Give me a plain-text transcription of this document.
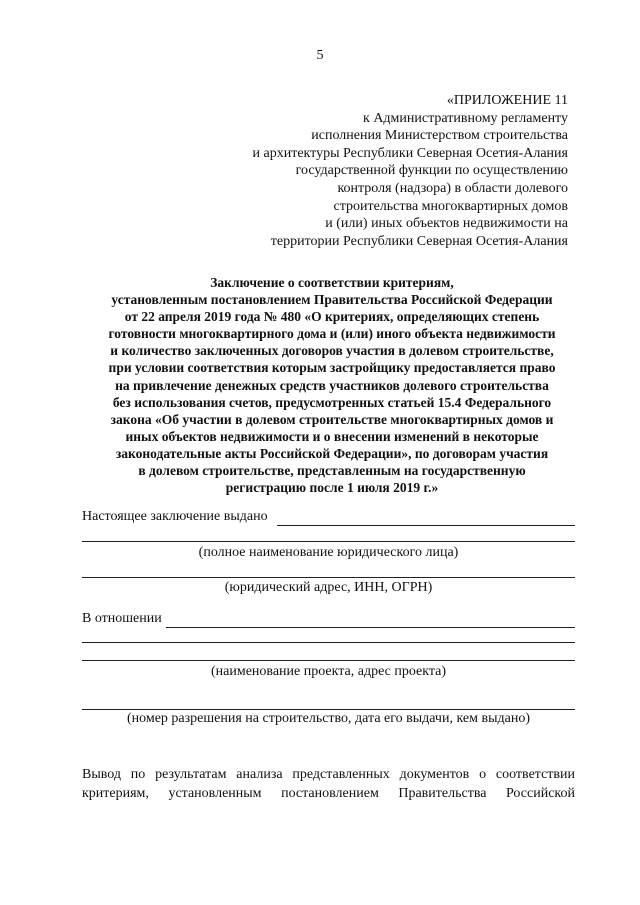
5
«ПРИЛОЖЕНИЕ 11
к Административному регламенту
исполнения Министерством строительства
и архитектуры Республики Северная Осетия-Алания
государственной функции по осуществлению
контроля (надзора) в области долевого
строительства многоквартирных домов
и (или) иных объектов недвижимости на
территории Республики Северная Осетия-Алания
Заключение о соответствии критериям,
установленным постановлением Правительства Российской Федерации
от 22 апреля 2019 года № 480 «О критериях, определяющих степень
готовности многоквартирного дома и (или) иного объекта недвижимости
и количество заключенных договоров участия в долевом строительстве,
при условии соответствия которым застройщику предоставляется право
на привлечение денежных средств участников долевого строительства
без использования счетов, предусмотренных статьей 15.4 Федерального
закона «Об участии в долевом строительстве многоквартирных домов и
иных объектов недвижимости и о внесении изменений в некоторые
законодательные акты Российской Федерации», по договорам участия
в долевом строительстве, представленным на государственную
регистрацию после 1 июля 2019 г.»
Настоящее заключение выдано
(полное наименование юридического лица)
(юридический адрес, ИНН, ОГРН)
В отношении
(наименование проекта, адрес проекта)
(номер разрешения на строительство, дата его выдачи, кем выдано)
Вывод по результатам анализа представленных документов о соответствии критериям, установленным постановлением Правительства Российской
